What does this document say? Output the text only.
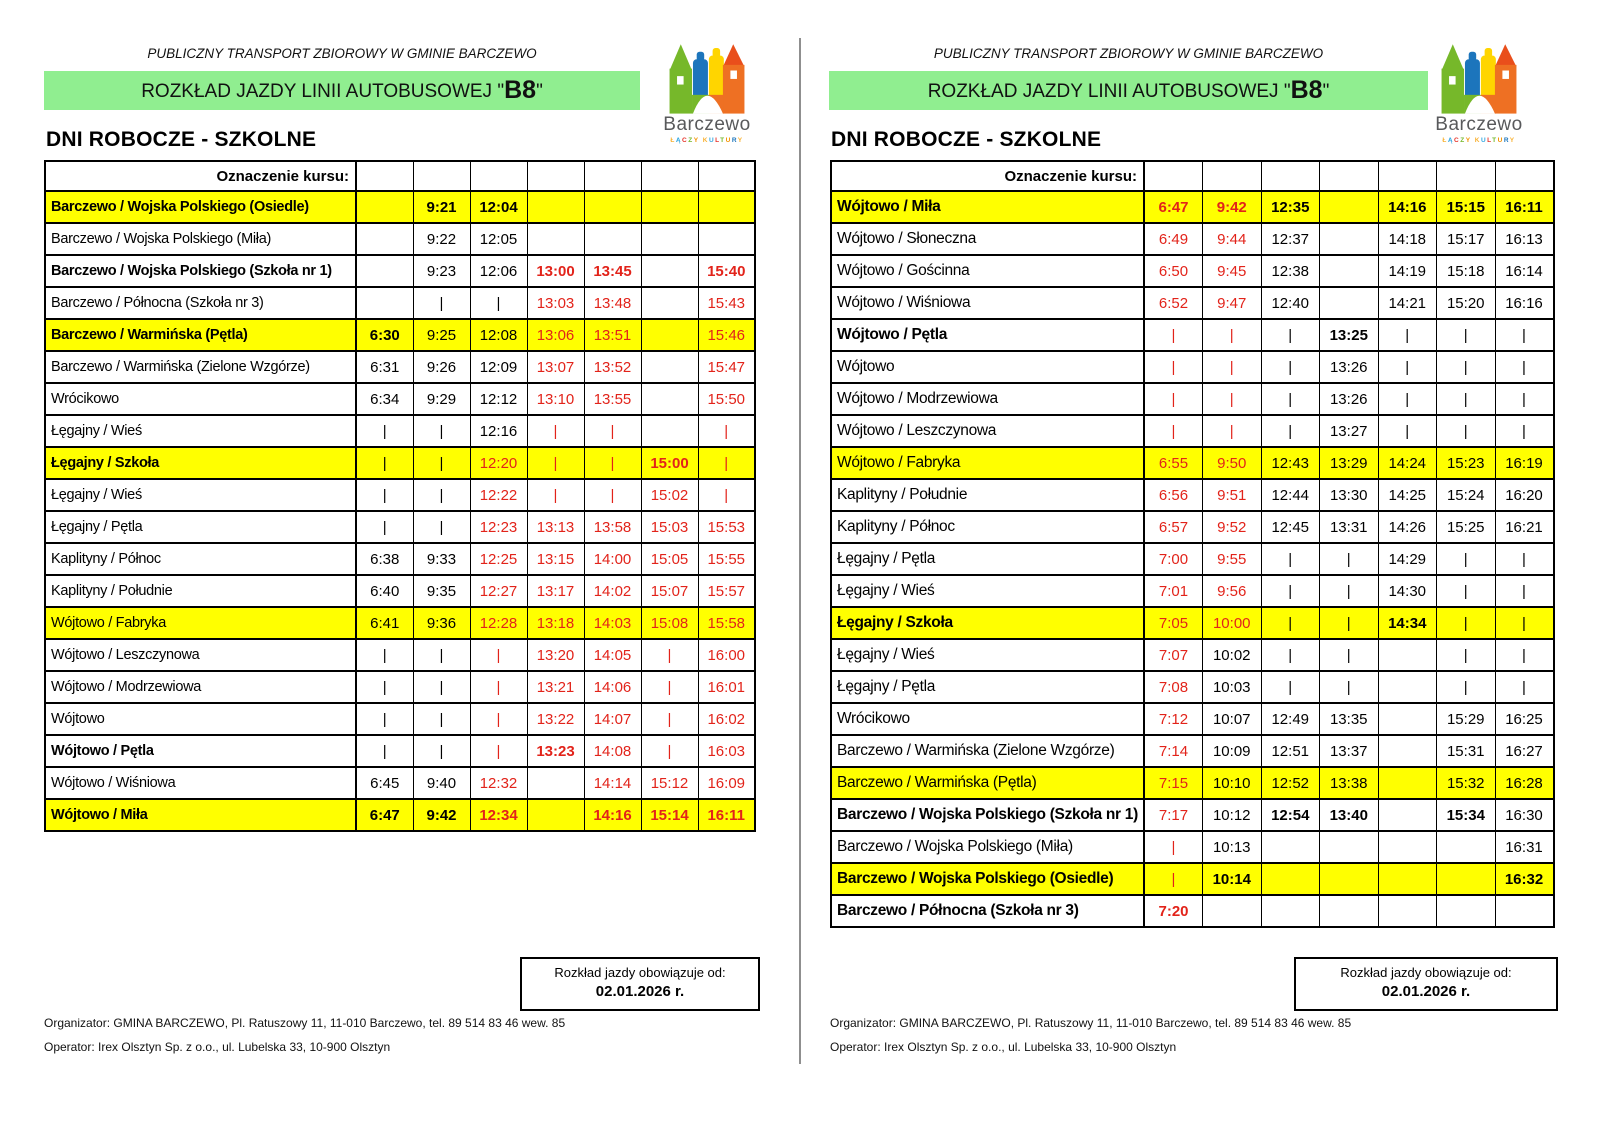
PUBLICZNY TRANSPORT ZBIOROWY W GMINIE BARCZEWO
ROZKŁAD JAZDY LINII AUTOBUSOWEJ "B8"
Barczewo
ŁĄCZY KULTURY
DNI ROBOCZE - SZKOLNE
Oznaczenie kursu:							
Barczewo / Wojska Polskiego (Osiedle)		9:21	12:04				
Barczewo / Wojska Polskiego (Miła)		9:22	12:05				
Barczewo / Wojska Polskiego (Szkoła nr 1)		9:23	12:06	13:00	13:45		15:40
Barczewo / Północna (Szkoła nr 3)		|	|	13:03	13:48		15:43
Barczewo / Warmińska (Pętla)	6:30	9:25	12:08	13:06	13:51		15:46
Barczewo / Warmińska (Zielone Wzgórze)	6:31	9:26	12:09	13:07	13:52		15:47
Wrócikowo	6:34	9:29	12:12	13:10	13:55		15:50
Łęgajny / Wieś	|	|	12:16	|	|		|
Łęgajny / Szkoła	|	|	12:20	|	|	15:00	|
Łęgajny / Wieś	|	|	12:22	|	|	15:02	|
Łęgajny / Pętla	|	|	12:23	13:13	13:58	15:03	15:53
Kaplityny / Północ	6:38	9:33	12:25	13:15	14:00	15:05	15:55
Kaplityny / Południe	6:40	9:35	12:27	13:17	14:02	15:07	15:57
Wójtowo / Fabryka	6:41	9:36	12:28	13:18	14:03	15:08	15:58
Wójtowo / Leszczynowa	|	|	|	13:20	14:05	|	16:00
Wójtowo / Modrzewiowa	|	|	|	13:21	14:06	|	16:01
Wójtowo	|	|	|	13:22	14:07	|	16:02
Wójtowo / Pętla	|	|	|	13:23	14:08	|	16:03
Wójtowo / Wiśniowa	6:45	9:40	12:32		14:14	15:12	16:09
Wójtowo / Miła	6:47	9:42	12:34		14:16	15:14	16:11
Rozkład jazdy obowiązuje od:
02.01.2026 r.
Organizator: GMINA BARCZEWO, Pl. Ratuszowy 11, 11-010 Barczewo, tel. 89 514 83 46 wew. 85
Operator: Irex Olsztyn Sp. z o.o., ul. Lubelska 33, 10-900 Olsztyn
PUBLICZNY TRANSPORT ZBIOROWY W GMINIE BARCZEWO
ROZKŁAD JAZDY LINII AUTOBUSOWEJ "B8"
Barczewo
ŁĄCZY KULTURY
DNI ROBOCZE - SZKOLNE
Oznaczenie kursu:							
Wójtowo / Miła	6:47	9:42	12:35		14:16	15:15	16:11
Wójtowo / Słoneczna	6:49	9:44	12:37		14:18	15:17	16:13
Wójtowo / Gościnna	6:50	9:45	12:38		14:19	15:18	16:14
Wójtowo / Wiśniowa	6:52	9:47	12:40		14:21	15:20	16:16
Wójtowo / Pętla	|	|	|	13:25	|	|	|
Wójtowo	|	|	|	13:26	|	|	|
Wójtowo / Modrzewiowa	|	|	|	13:26	|	|	|
Wójtowo / Leszczynowa	|	|	|	13:27	|	|	|
Wójtowo / Fabryka	6:55	9:50	12:43	13:29	14:24	15:23	16:19
Kaplityny / Południe	6:56	9:51	12:44	13:30	14:25	15:24	16:20
Kaplityny / Północ	6:57	9:52	12:45	13:31	14:26	15:25	16:21
Łęgajny / Pętla	7:00	9:55	|	|	14:29	|	|
Łęgajny / Wieś	7:01	9:56	|	|	14:30	|	|
Łęgajny / Szkoła	7:05	10:00	|	|	14:34	|	|
Łęgajny / Wieś	7:07	10:02	|	|		|	|
Łęgajny / Pętla	7:08	10:03	|	|		|	|
Wrócikowo	7:12	10:07	12:49	13:35		15:29	16:25
Barczewo / Warmińska (Zielone Wzgórze)	7:14	10:09	12:51	13:37		15:31	16:27
Barczewo / Warmińska (Pętla)	7:15	10:10	12:52	13:38		15:32	16:28
Barczewo / Wojska Polskiego (Szkoła nr 1)	7:17	10:12	12:54	13:40		15:34	16:30
Barczewo / Wojska Polskiego (Miła)	|	10:13					16:31
Barczewo / Wojska Polskiego (Osiedle)	|	10:14					16:32
Barczewo / Północna (Szkoła nr 3)	7:20						
Rozkład jazdy obowiązuje od:
02.01.2026 r.
Organizator: GMINA BARCZEWO, Pl. Ratuszowy 11, 11-010 Barczewo, tel. 89 514 83 46 wew. 85
Operator: Irex Olsztyn Sp. z o.o., ul. Lubelska 33, 10-900 Olsztyn
